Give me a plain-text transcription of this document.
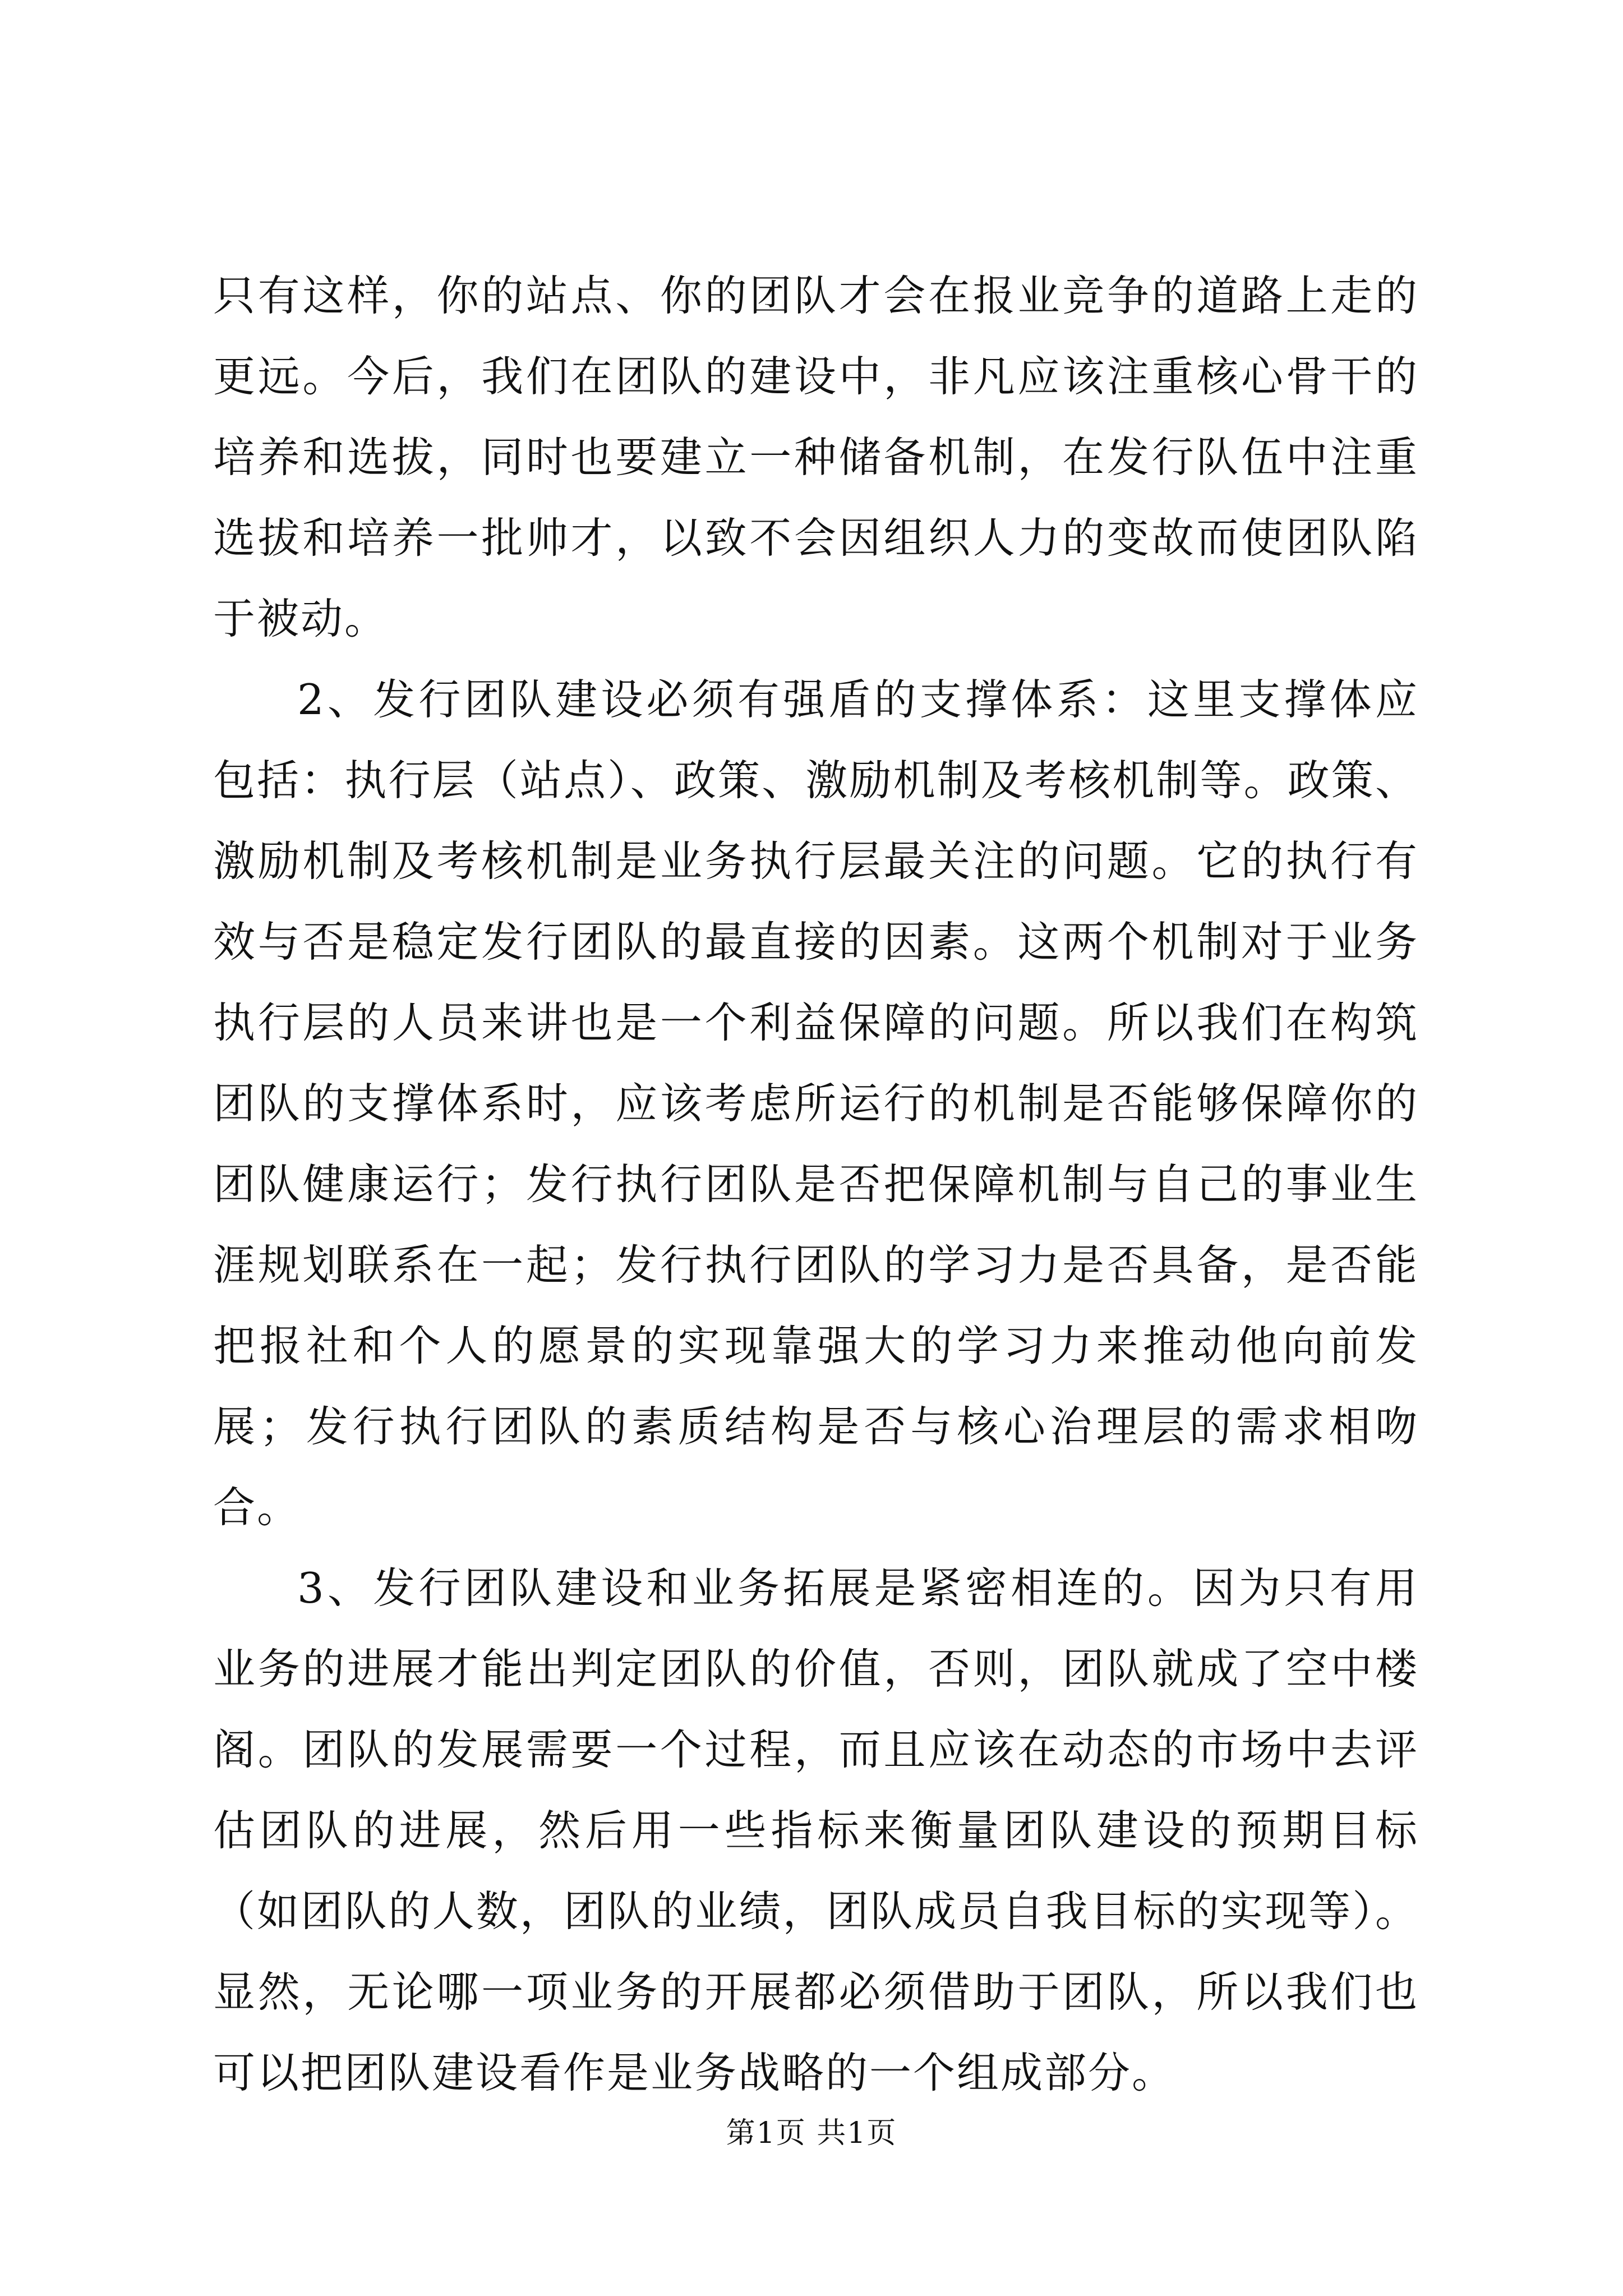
只有这样，你的站点、你的团队才会在报业竞争的道路上走的更远。今后，我们在团队的建设中，非凡应该注重核心骨干的培养和选拔，同时也要建立一种储备机制，在发行队伍中注重选拔和培养一批帅才，以致不会因组织人力的变故而使团队陷于被动。

2、发行团队建设必须有强盾的支撑体系：这里支撑体应包括：执行层（站点）、政策、激励机制及考核机制等。政策、激励机制及考核机制是业务执行层最关注的问题。它的执行有效与否是稳定发行团队的最直接的因素。这两个机制对于业务执行层的人员来讲也是一个利益保障的问题。所以我们在构筑团队的支撑体系时，应该考虑所运行的机制是否能够保障你的团队健康运行；发行执行团队是否把保障机制与自己的事业生涯规划联系在一起；发行执行团队的学习力是否具备，是否能把报社和个人的愿景的实现靠强大的学习力来推动他向前发展；发行执行团队的素质结构是否与核心治理层的需求相吻合。

3、发行团队建设和业务拓展是紧密相连的。因为只有用业务的进展才能出判定团队的价值，否则，团队就成了空中楼阁。团队的发展需要一个过程，而且应该在动态的市场中去评估团队的进展，然后用一些指标来衡量团队建设的预期目标（如团队的人数，团队的业绩，团队成员自我目标的实现等）。显然，无论哪一项业务的开展都必须借助于团队，所以我们也可以把团队建设看作是业务战略的一个组成部分。

第1页 共1页
